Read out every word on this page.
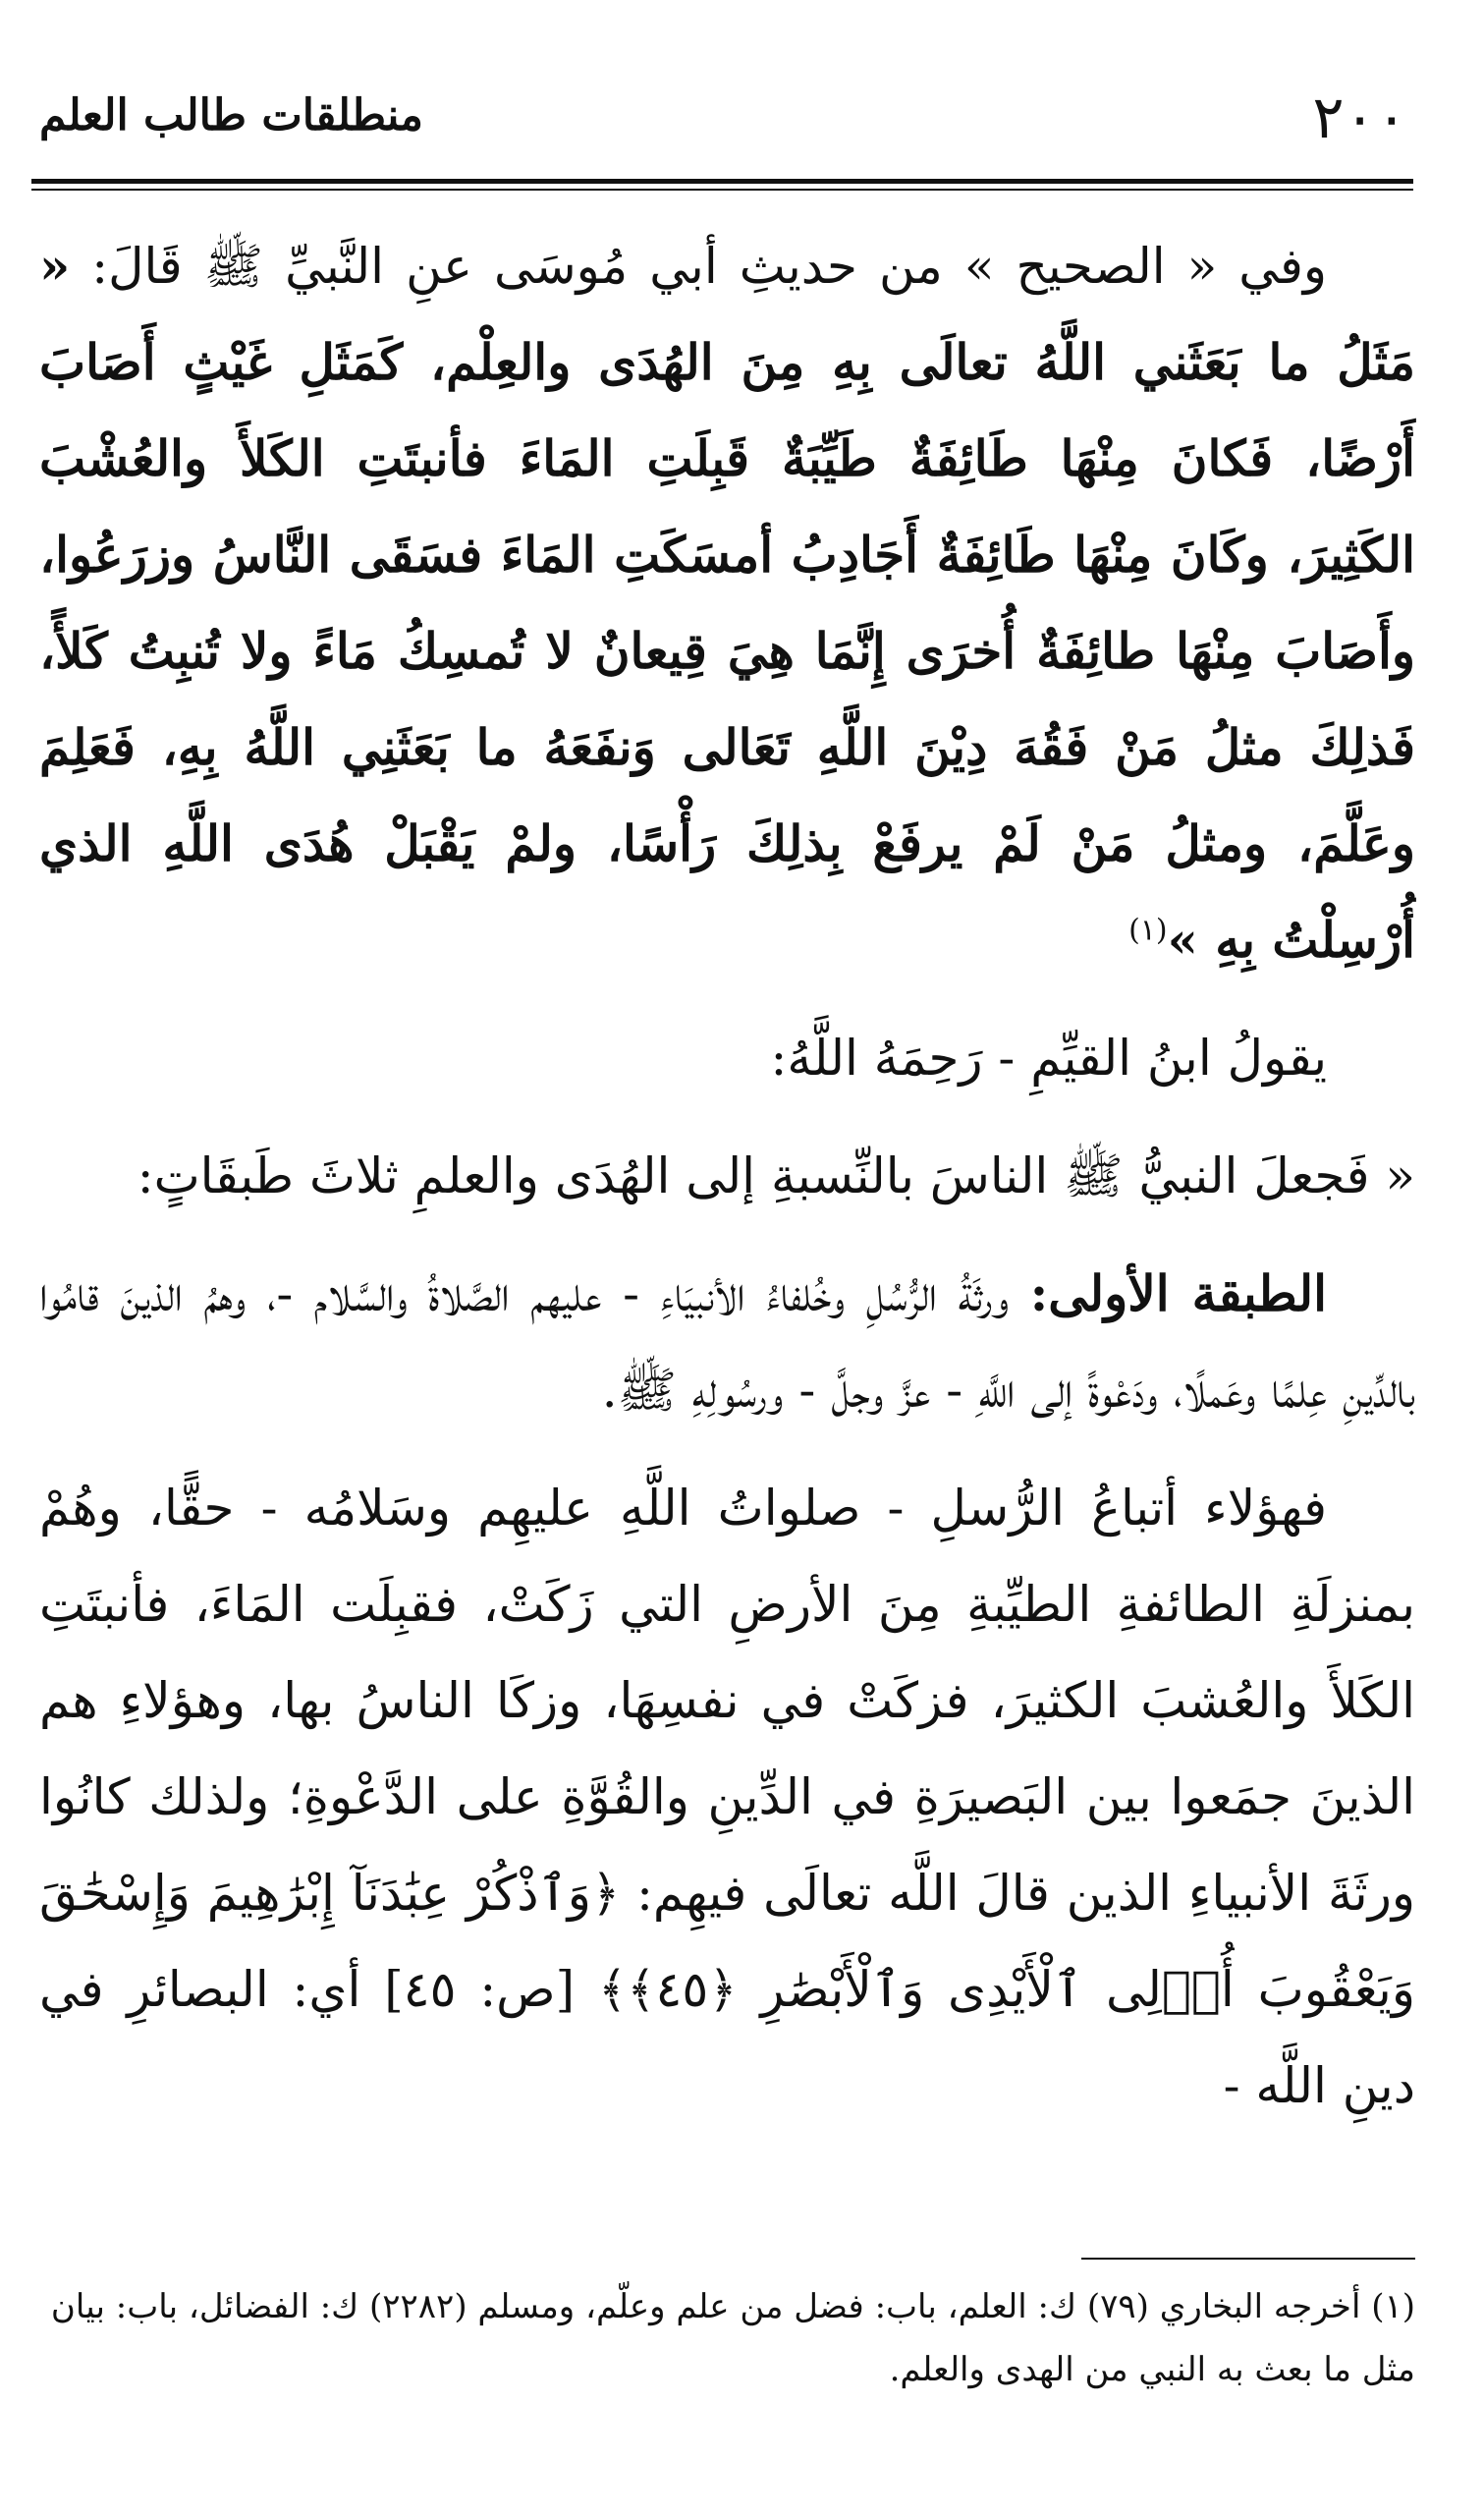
٢٠٠
منطلقات طالب العلم

وفي « الصحيح » من حديثِ أبي مُوسَى عنِ النَّبيِّ ﷺ قَالَ: « مَثَلُ ما بَعَثَني اللَّهُ تعالَى بِهِ مِنَ الهُدَى والعِلْم، كَمَثَلِ غَيْثٍ أَصَابَ أَرْضًا، فَكانَ مِنْهَا طَائِفَةٌ طَيِّبَةٌ قَبِلَتِ المَاءَ فأنبتَتِ الكَلأَ والعُشْبَ الكَثِيرَ، وكَانَ مِنْهَا طَائِفَةٌ أَجَادِبُ أمسَكَتِ المَاءَ فسَقَى النَّاسُ وزرَعُوا، وأَصَابَ مِنْهَا طائِفَةٌ أُخرَى إِنَّمَا هِيَ قِيعانٌ لا تُمسِكُ مَاءً ولا تُنبِتُ كَلأً، فَذلِكَ مثلُ مَنْ فَقُهَ دِيْنَ اللَّهِ تَعَالى وَنفَعَهُ ما بَعَثَنِي اللَّهُ بِهِ، فَعَلِمَ وعَلَّمَ، ومثلُ مَنْ لَمْ يرفَعْ بِذلِكَ رَأْسًا، ولمْ يَقْبَلْ هُدَى اللَّهِ الذي أُرْسِلْتُ بِهِ »$^{(١)}$

يقولُ ابنُ القيِّمِ - رَحِمَهُ اللَّهُ:

« فَجعلَ النبيُّ ﷺ الناسَ بالنِّسبةِ إلى الهُدَى والعلمِ ثلاثَ طَبقَاتٍ:

الطبقة الأولى: ورثَةُ الرُّسُلِ وخُلفاءُ الأنبيَاءِ - عليهم الصَّلاةُ والسَّلام -، وهمُ الذينَ قامُوا بالدِّينِ عِلمًا وعَملًا، ودَعْوةً إلى اللَّهِ - عزَّ وجلَّ - ورسُولِهِ ﷺ.

فهؤلاء أتباعُ الرُّسلِ - صلواتُ اللَّهِ عليهِم وسَلامُه - حقًّا، وهُمْ بمنزلَةِ الطائفةِ الطيِّبةِ مِنَ الأرضِ التي زَكَتْ، فقبِلَت المَاءَ، فأنبتَتِ الكَلأَ والعُشبَ الكثيرَ، فزكَتْ في نفسِهَا، وزكَا الناسُ بها، وهؤلاءِ هم الذينَ جمَعوا بين البَصيرَةِ في الدِّينِ والقُوَّةِ على الدَّعْوةِ؛ ولذلك كانُوا ورثَةَ الأنبياءِ الذين قالَ اللَّه تعالَى فيهِم: ﴿وَٱذْكُرْ عِبَٰدَنَآ إِبْرَٰهِيمَ وَإِسْحَٰقَ وَيَعْقُوبَ أُو۟لِى ٱلْأَيْدِى وَٱلْأَبْصَٰرِ ﴿٤٥﴾﴾ [ص: ٤٥] أي: البصائرِ في دينِ اللَّه -

(١) أخرجه البخاري (٧٩) ك: العلم، باب: فضل من علم وعلّم، ومسلم (٢٢٨٢) ك: الفضائل، باب: بيان مثل ما بعث به النبي من الهدى والعلم.
